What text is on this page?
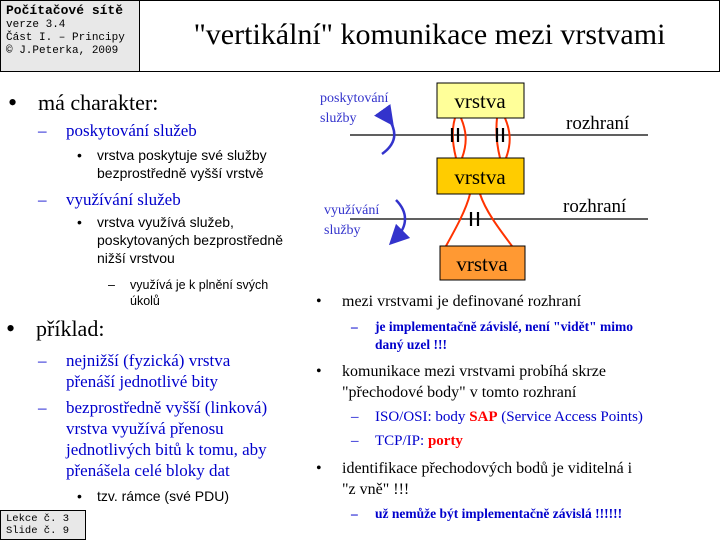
Počítačové sítě
verze 3.4
Část I. – Principy
© J.Peterka, 2009	"vertikální" komunikace mezi vrstvami
• má charakter:
– poskytování služeb
• vrstva poskytuje své služby
bezprostředně vyšší vrstvě
– využívání služeb
• vrstva využívá služeb,
poskytovaných bezprostředně
nižší vrstvou
– využívá je k plnění svých
úkolů
• příklad:
– nejnižší (fyzická) vrstva
přenáší jednotlivé bity
– bezprostředně vyšší (linková)
vrstva využívá přenosu
jednotlivých bitů k tomu, aby
přenášela celé bloky dat
• tzv. rámce (své PDU)
vrstva
vrstva
vrstva
rozhraní
rozhraní
poskytování
služby
využívání
služby
• mezi vrstvami je definované rozhraní
– je implementačně závislé, není "vidět" mimo
daný uzel !!!
• komunikace mezi vrstvami probíhá skrze
"přechodové body" v tomto rozhraní
– ISO/OSI: body SAP (Service Access Points)
– TCP/IP: porty
• identifikace přechodových bodů je viditelná i
"z vně" !!!
– už nemůže být implementačně závislá !!!!!!
Lekce č. 3
Slide č. 9
